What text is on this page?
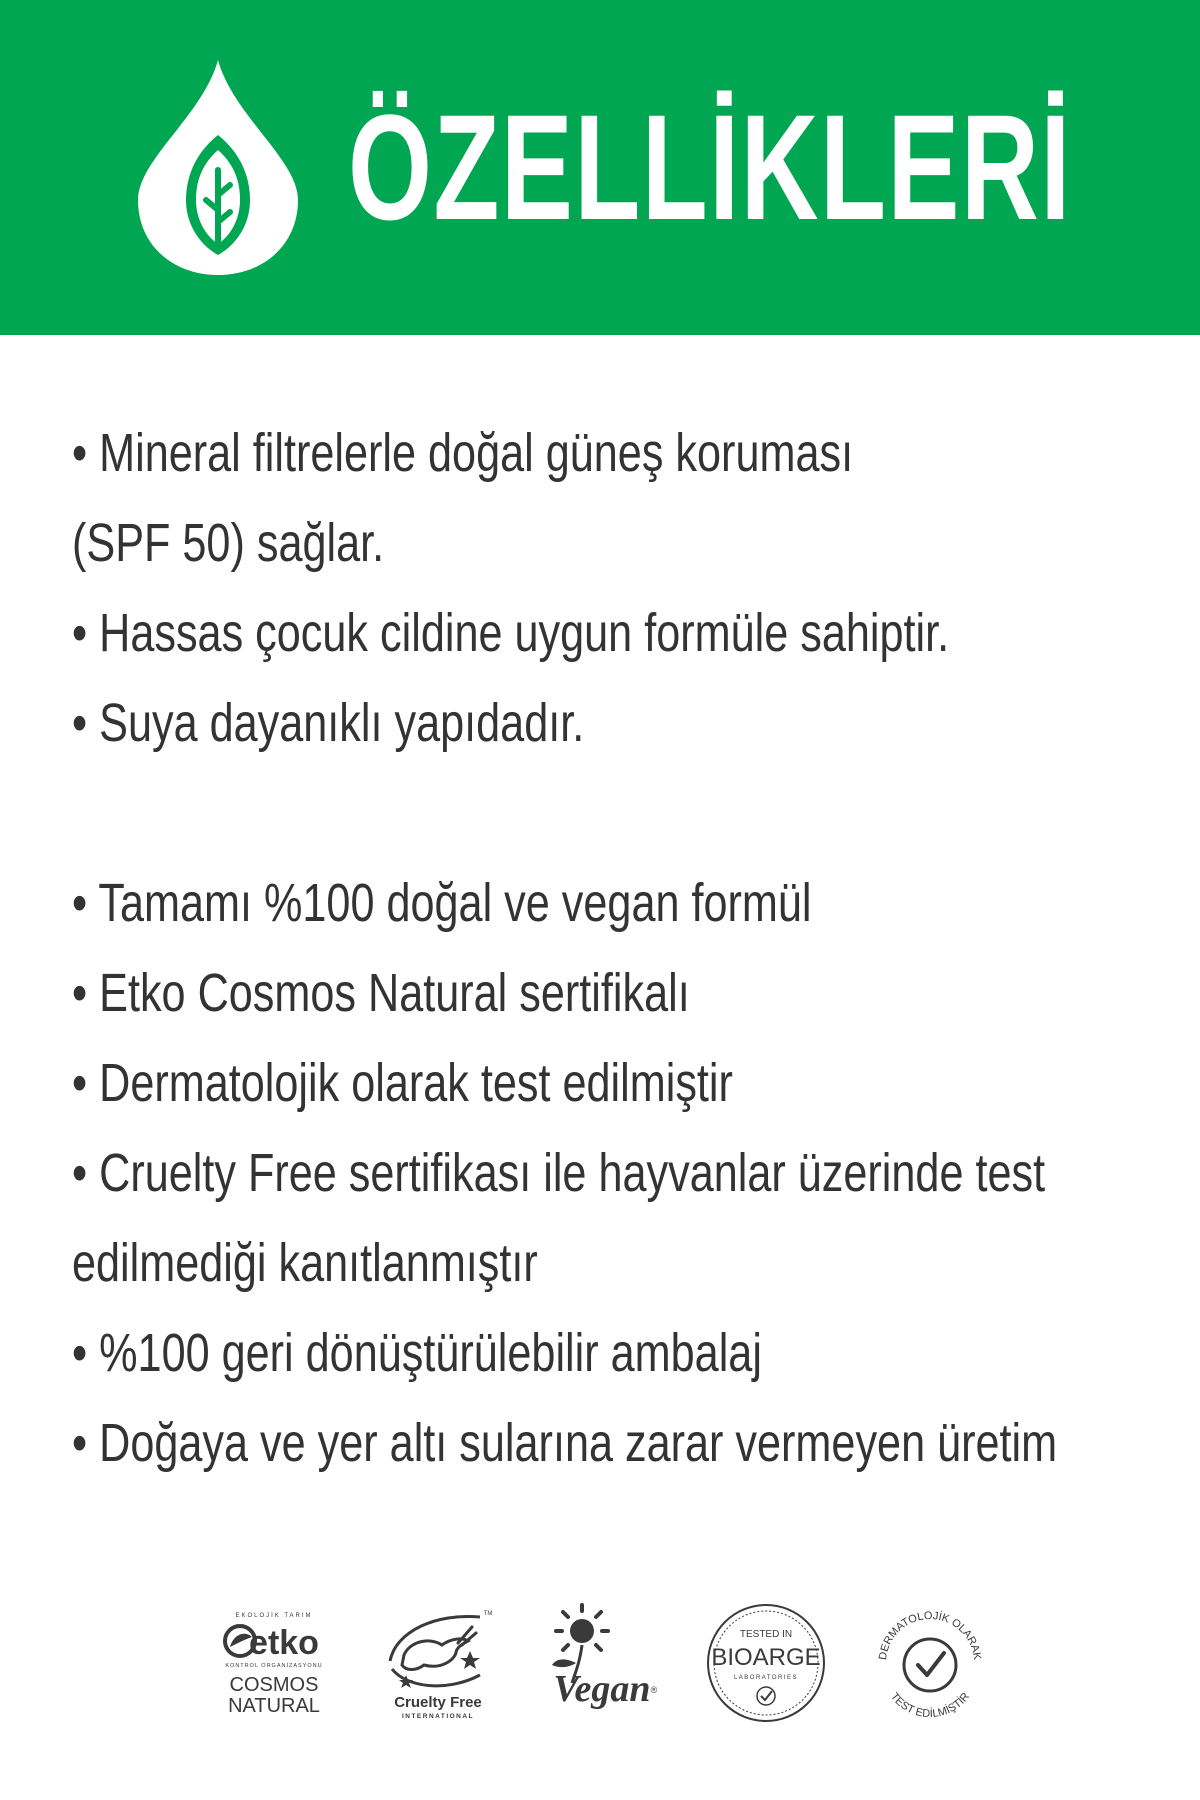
ÖZELLİKLERİ
• Mineral filtrelerle doğal güneş koruması
(SPF 50) sağlar.
• Hassas çocuk cildine uygun formüle sahiptir.
• Suya dayanıklı yapıdadır.
• Tamamı %100 doğal ve vegan formül
• Etko Cosmos Natural sertifikalı
• Dermatolojik olarak test edilmiştir
• Cruelty Free sertifikası ile hayvanlar üzerinde test
edilmediği kanıtlanmıştır
• %100 geri dönüştürülebilir ambalaj
• Doğaya ve yer altı sularına zarar vermeyen üretim
EKOLOJİK TARIM
etko
KONTROL ORGANİZASYONU
COSMOS
NATURAL
TM
Cruelty Free
INTERNATIONAL
Vegan ®
TESTED IN
BIOARGE
LABORATORIES
DERMATOLOJİK OLARAK
TEST EDİLMİŞTİR
